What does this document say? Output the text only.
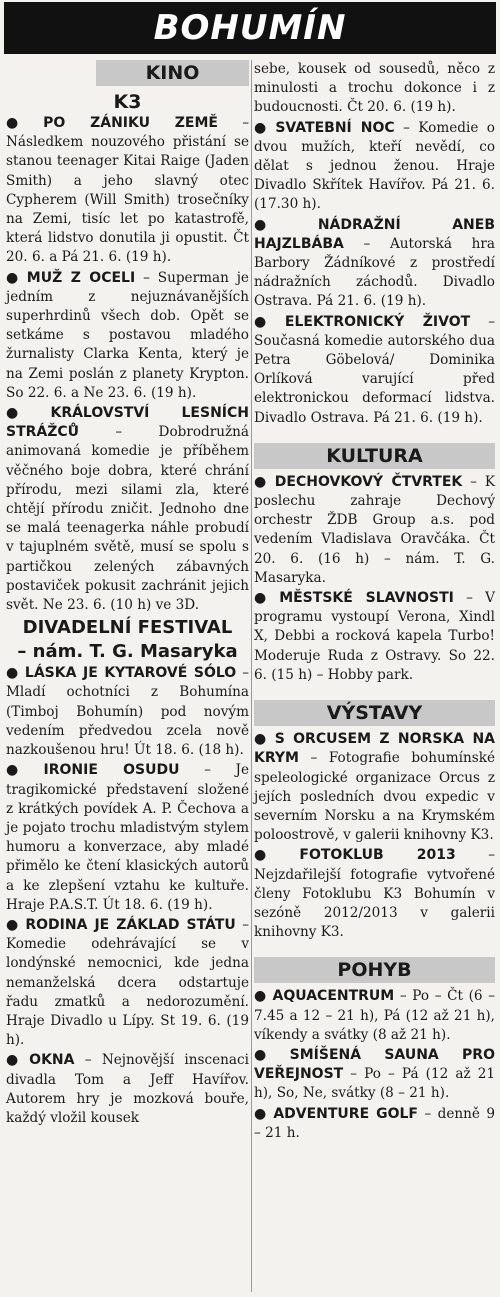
BOHUMÍN
KINO
K3
● PO ZÁNIKU ZEMĚ – Následkem nouzového přistání se stanou teenager Kitai Raige (Jaden Smith) a jeho slavný otec Cypherem (Will Smith) trosečníky na Zemi, tisíc let po katastrofě, která lidstvo donutila ji opustit. Čt 20. 6. a Pá 21. 6. (19 h).
● MUŽ Z OCELI – Superman je jedním z nejuznávanějších superhrdinů všech dob. Opět se setkáme s postavou mladého žurnalisty Clarka Kenta, který je na Zemi poslán z planety Krypton. So 22. 6. a Ne 23. 6. (19 h).
● KRÁLOVSTVÍ LESNÍCH STRÁŽCŮ – Dobrodružná animovaná komedie je příběhem věčného boje dobra, které chrání přírodu, mezi silami zla, které chtějí přírodu zničit. Jednoho dne se malá teenagerka náhle probudí v tajuplném světě, musí se spolu s partičkou zelených zábavných postaviček pokusit zachránit jejich svět. Ne 23. 6. (10 h) ve 3D.
DIVADELNÍ FESTIVAL
– nám. T. G. Masaryka
● LÁSKA JE KYTAROVÉ SÓLO – Mladí ochotníci z Bohumína (Timboj Bohumín) pod novým vedením předvedou zcela nově nazkoušenou hru! Út 18. 6. (18 h).
● IRONIE OSUDU – Je tragikomické představení složené z krátkých povídek A. P. Čechova a je pojato trochu mladistvým stylem humoru a konverzace, aby mladé přimělo ke čtení klasických autorů a ke zlepšení vztahu ke kultuře. Hraje P.A.S.T. Út 18. 6. (19 h).
● RODINA JE ZÁKLAD STÁTU – Komedie odehrávající se v londýnské nemocnici, kde jedna nemanželská dcera odstartuje řadu zmatků a nedorozumění. Hraje Divadlo u Lípy. St 19. 6. (19 h).
● OKNA – Nejnovější inscenaci divadla Tom a Jeff Havířov. Autorem hry je mozková bouře, každý vložil kousek
sebe, kousek od sousedů, něco z minulosti a trochu dokonce i z budoucnosti. Čt 20. 6. (19 h).
● SVATEBNÍ NOC – Komedie o dvou mužích, kteří nevědí, co dělat s jednou ženou. Hraje Divadlo Skřítek Havířov. Pá 21. 6. (17.30 h).
● NÁDRAŽNÍ ANEB HAJZLBÁBA – Autorská hra Barbory Žádníkové z prostředí nádražních záchodů. Divadlo Ostrava. Pá 21. 6. (19 h).
● ELEKTRONICKÝ ŽIVOT – Současná komedie autorského dua Petra Göbelová/ Dominika Orlíková varující před elektronickou deformací lidstva. Divadlo Ostrava. Pá 21. 6. (19 h).
KULTURA
● DECHOVKOVÝ ČTVRTEK – K poslechu zahraje Dechový orchestr ŽDB Group a.s. pod vedením Vladislava Oravčáka. Čt 20. 6. (16 h) – nám. T. G. Masaryka.
● MĚSTSKÉ SLAVNOSTI – V programu vystoupí Verona, Xindl X, Debbi a rocková kapela Turbo! Moderuje Ruda z Ostravy. So 22. 6. (15 h) – Hobby park.
VÝSTAVY
● S ORCUSEM Z NORSKA NA KRYM – Fotografie bohumínské speleologické organizace Orcus z jejích posledních dvou expedic v severním Norsku a na Krymském poloostrově, v galerii knihovny K3.
● FOTOKLUB 2013 – Nejzdařilejší fotografie vytvořené členy Fotoklubu K3 Bohumín v sezóně 2012/2013 v galerii knihovny K3.
POHYB
● AQUACENTRUM – Po – Čt (6 – 7.45 a 12 – 21 h), Pá (12 až 21 h), víkendy a svátky (8 až 21 h).
● SMÍŠENÁ SAUNA PRO VEŘEJNOST – Po – Pá (12 až 21 h), So, Ne, svátky (8 – 21 h).
● ADVENTURE GOLF – denně 9 – 21 h.
